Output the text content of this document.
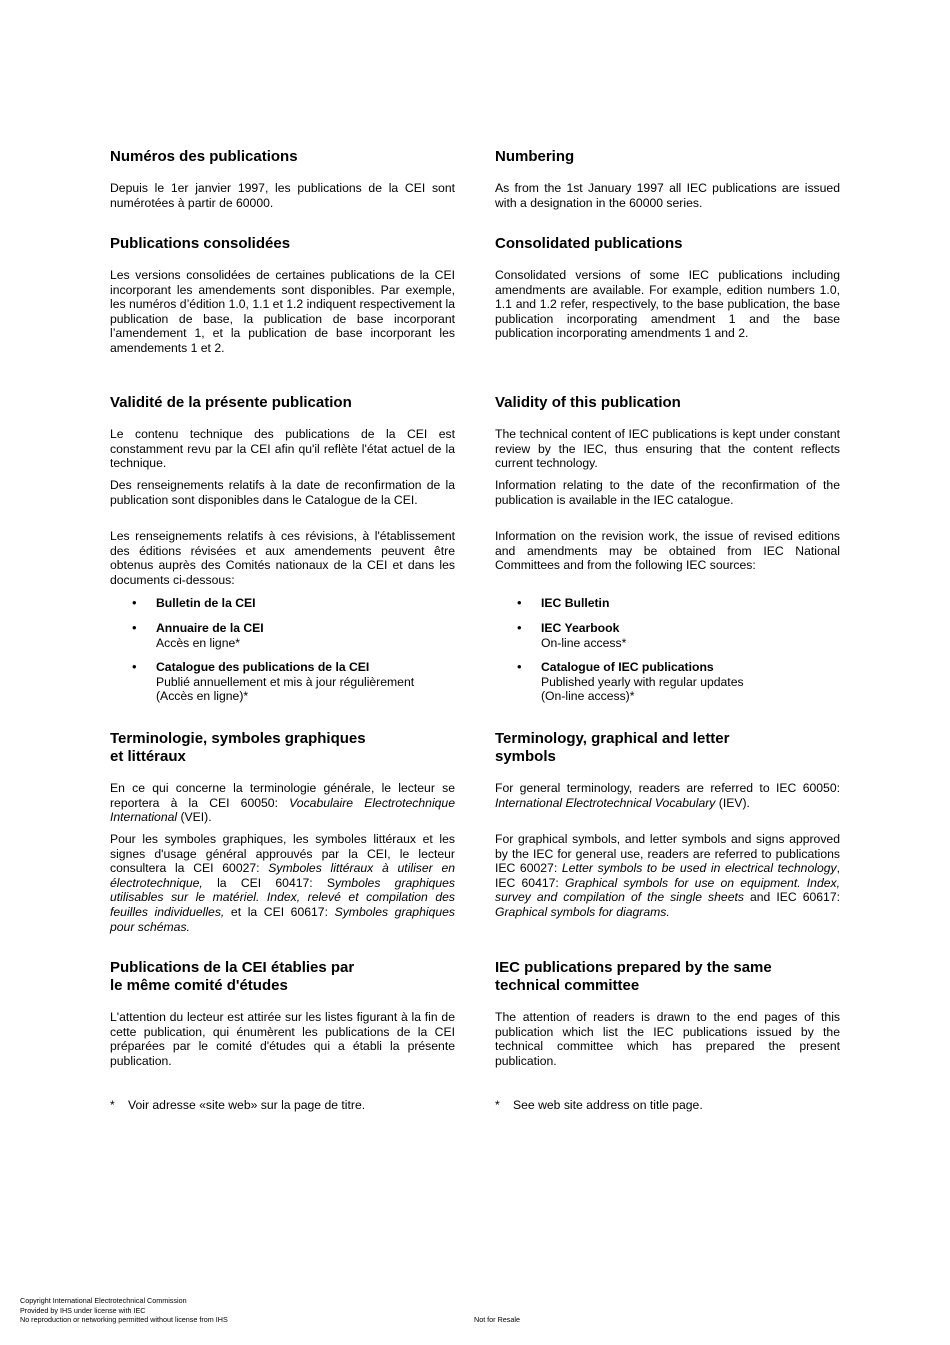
Numéros des publications

Depuis le 1er janvier 1997, les publications de la CEI sont numérotées à partir de 60000.

Publications consolidées

Les versions consolidées de certaines publications de la CEI incorporant les amendements sont disponibles. Par exemple, les numéros d’édition 1.0, 1.1 et 1.2 indiquent respectivement la publication de base, la publication de base incorporant l’amendement 1, et la publication de base incorporant les amendements 1 et 2.

Validité de la présente publication

Le contenu technique des publications de la CEI est constamment revu par la CEI afin qu'il reflète l'état actuel de la technique.

Des renseignements relatifs à la date de reconfirmation de la publication sont disponibles dans le Catalogue de la CEI.

Les renseignements relatifs à ces révisions, à l'établissement des éditions révisées et aux amendements peuvent être obtenus auprès des Comités nationaux de la CEI et dans les documents ci-dessous:

• Bulletin de la CEI
• Annuaire de la CEI
Accès en ligne*
• Catalogue des publications de la CEI
Publié annuellement et mis à jour régulièrement
(Accès en ligne)*
Terminologie, symboles graphiques
et littéraux

En ce qui concerne la terminologie générale, le lecteur se reportera à la CEI 60050: Vocabulaire Electrotechnique International (VEI).

Pour les symboles graphiques, les symboles littéraux et les signes d'usage général approuvés par la CEI, le lecteur consultera la CEI 60027: Symboles littéraux à utiliser en électrotechnique, la CEI 60417: Symboles graphiques utilisables sur le matériel. Index, relevé et compilation des feuilles individuelles, et la CEI 60617: Symboles graphiques pour schémas.

Publications de la CEI établies par
le même comité d'études

L'attention du lecteur est attirée sur les listes figurant à la fin de cette publication, qui énumèrent les publications de la CEI préparées par le comité d'études qui a établi la présente publication.

Numbering

As from the 1st January 1997 all IEC publications are issued with a designation in the 60000 series.

Consolidated publications

Consolidated versions of some IEC publications including amendments are available. For example, edition numbers 1.0, 1.1 and 1.2 refer, respectively, to the base publication, the base publication incorporating amendment 1 and the base publication incorporating amendments 1 and 2.

Validity of this publication

The technical content of IEC publications is kept under constant review by the IEC, thus ensuring that the content reflects current technology.

Information relating to the date of the reconfirmation of the publication is available in the IEC catalogue.

Information on the revision work, the issue of revised editions and amendments may be obtained from IEC National Committees and from the following IEC sources:

• IEC Bulletin
• IEC Yearbook
On-line access*
• Catalogue of IEC publications
Published yearly with regular updates
(On-line access)*
Terminology, graphical and letter
symbols

For general terminology, readers are referred to IEC 60050: International Electrotechnical Vocabulary (IEV).

For graphical symbols, and letter symbols and signs approved by the IEC for general use, readers are referred to publications IEC 60027: Letter symbols to be used in electrical technology, IEC 60417: Graphical symbols for use on equipment. Index, survey and compilation of the single sheets and IEC 60617: Graphical symbols for diagrams.

IEC publications prepared by the same
technical committee

The attention of readers is drawn to the end pages of this publication which list the IEC publications issued by the technical committee which has prepared the present publication.

* Voir adresse «site web» sur la page de titre.	* See web site address on title page.
Copyright International Electrotechnical Commission
Provided by IHS under license with IEC
No reproduction or networking permitted without license from IHS	Not for Resale
